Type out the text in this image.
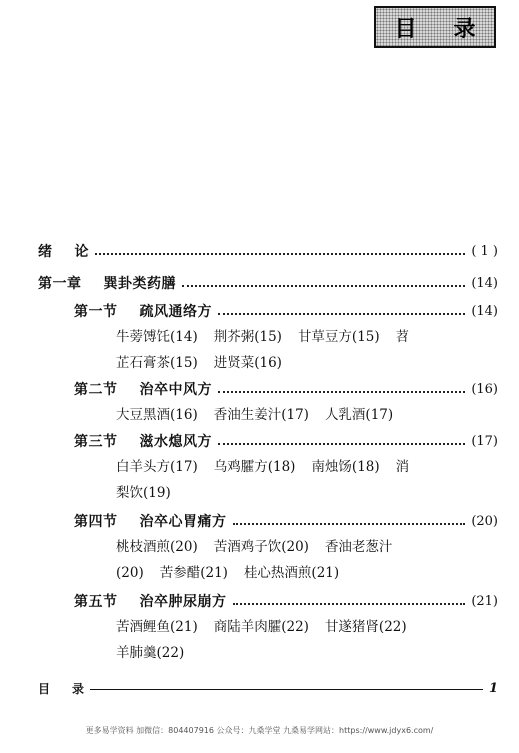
目 录
绪 论	( 1 )
第一章 巽卦类药膳	(14)
第一节 疏风通络方	(14)
牛蒡馎饦(14) 荆芥粥(15) 甘草豆方(15) 苕
芷石膏茶(15) 进贤菜(16)
第二节 治卒中风方	(16)
大豆黑酒(16) 香油生姜汁(17) 人乳酒(17)
第三节 滋水熄风方	(17)
白羊头方(17) 乌鸡臛方(18) 南烛饧(18) 消
梨饮(19)
第四节 治卒心胃痛方	(20)
桃枝酒煎(20) 苦酒鸡子饮(20) 香油老葱汁
(20) 苦参醋(21) 桂心热酒煎(21)
第五节 治卒肿尿崩方	(21)
苦酒鲤鱼(21) 商陆羊肉臛(22) 甘遂猪肾(22)
羊肺羹(22)
目 录	1
更多易学资料 加微信：804407916 公众号：九桑学堂 九桑易学网站：https://www.jdyx6.com/
